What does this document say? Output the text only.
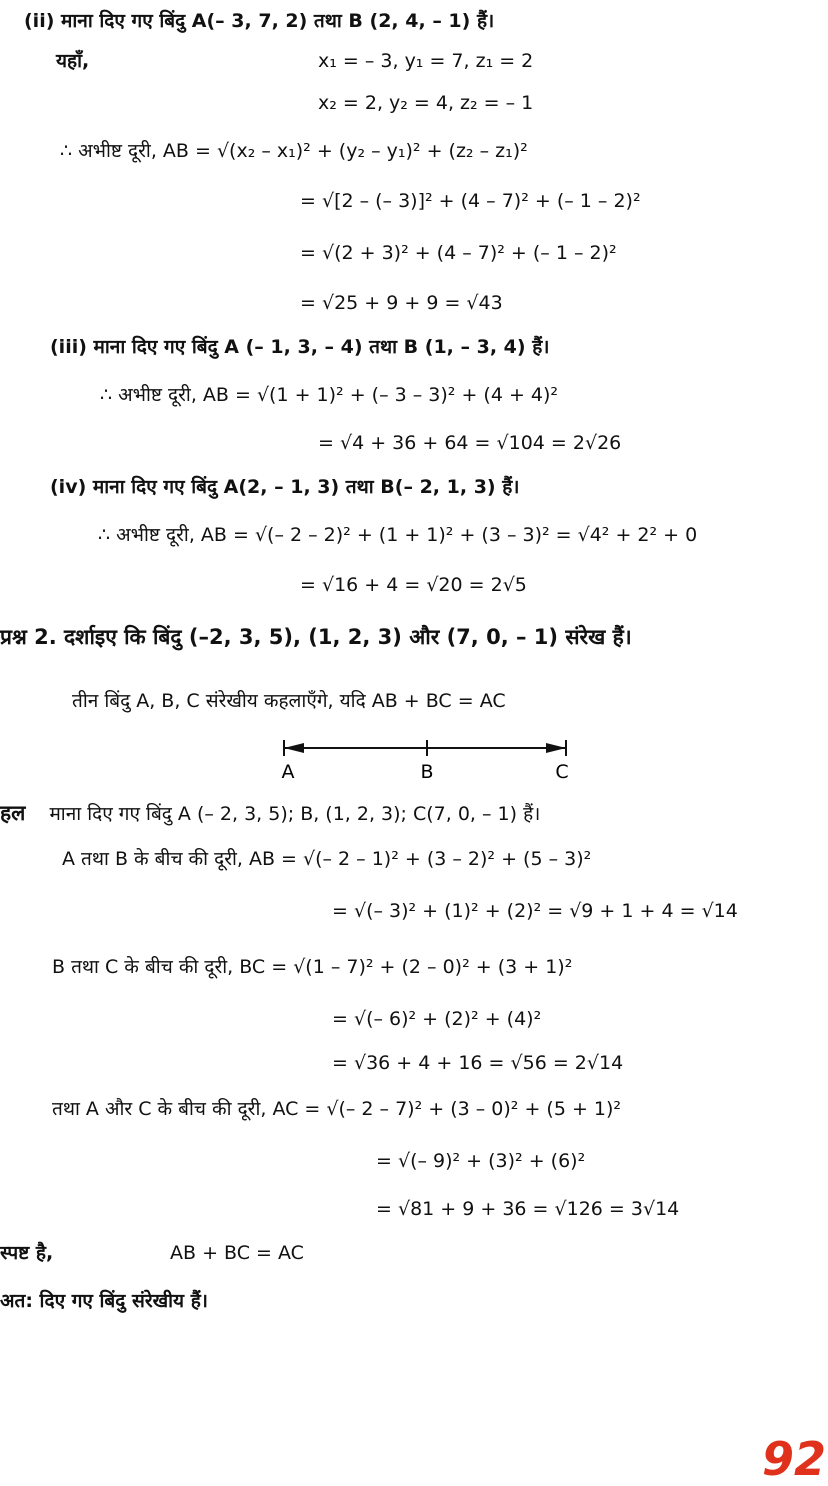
(ii) माना दिए गए बिंदु A(– 3, 7, 2) तथा B (2, 4, – 1) हैं।
यहाँ,	x₁ = – 3, y₁ = 7, z₁ = 2
x₂ = 2, y₂ = 4, z₂ = – 1
∴ अभीष्ट दूरी, AB = √(x₂ – x₁)² + (y₂ – y₁)² + (z₂ – z₁)²
= √[2 – (– 3)]² + (4 – 7)² + (– 1 – 2)²
= √(2 + 3)² + (4 – 7)² + (– 1 – 2)²
= √25 + 9 + 9 = √43
(iii) माना दिए गए बिंदु A (– 1, 3, – 4) तथा B (1, – 3, 4) हैं।
∴ अभीष्ट दूरी, AB = √(1 + 1)² + (– 3 – 3)² + (4 + 4)²
= √4 + 36 + 64 = √104 = 2√26
(iv) माना दिए गए बिंदु A(2, – 1, 3) तथा B(– 2, 1, 3) हैं।
∴ अभीष्ट दूरी, AB = √(– 2 – 2)² + (1 + 1)² + (3 – 3)² = √4² + 2² + 0
= √16 + 4 = √20 = 2√5
प्रश्न 2. दर्शाइए कि बिंदु (–2, 3, 5), (1, 2, 3) और (7, 0, – 1) संरेख हैं।
तीन बिंदु A, B, C संरेखीय कहलाएँगे, यदि AB + BC = AC
A	B	C
हल माना दिए गए बिंदु A (– 2, 3, 5); B, (1, 2, 3); C(7, 0, – 1) हैं।
A तथा B के बीच की दूरी, AB = √(– 2 – 1)² + (3 – 2)² + (5 – 3)²
= √(– 3)² + (1)² + (2)² = √9 + 1 + 4 = √14
B तथा C के बीच की दूरी, BC = √(1 – 7)² + (2 – 0)² + (3 + 1)²
= √(– 6)² + (2)² + (4)²
= √36 + 4 + 16 = √56 = 2√14
तथा A और C के बीच की दूरी, AC = √(– 2 – 7)² + (3 – 0)² + (5 + 1)²
= √(– 9)² + (3)² + (6)²
= √81 + 9 + 36 = √126 = 3√14
स्पष्ट है,	AB + BC = AC
अत: दिए गए बिंदु संरेखीय हैं।
92
